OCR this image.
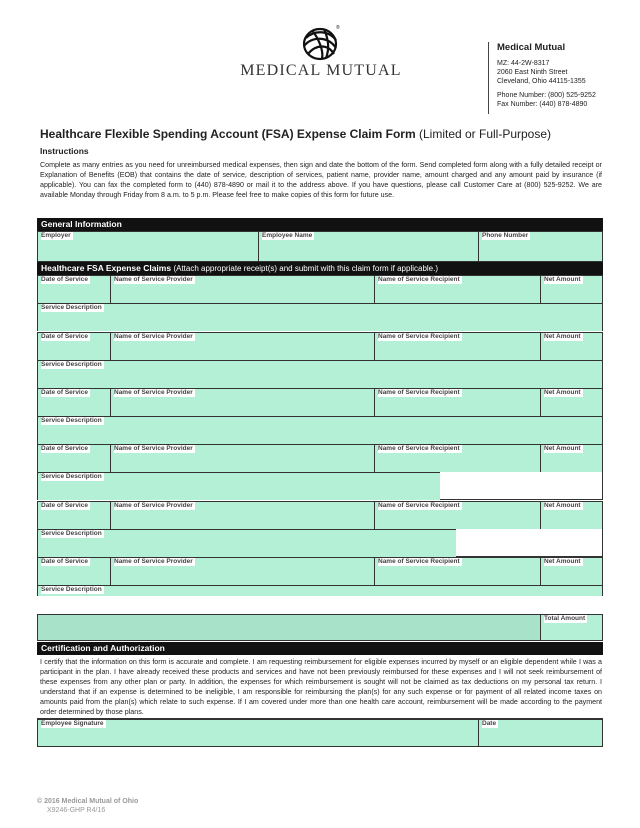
®
MEDICAL MUTUAL
Medical Mutual
MZ: 44-2W-8317
2060 East Ninth Street
Cleveland, Ohio 44115-1355
Phone Number: (800) 525-9252
Fax Number: (440) 878-4890
Healthcare Flexible Spending Account (FSA) Expense Claim Form (Limited or Full-Purpose)
Instructions
Complete as many entries as you need for unreimbursed medical expenses, then sign and date the bottom of the form. Send completed form along with a fully detailed receipt or Explanation of Benefits (EOB) that contains the date of service, description of services, patient name, provider name, amount charged and any amount paid by insurance (if applicable). You can fax the completed form to (440) 878-4890 or mail it to the address above. If you have questions, please call Customer Care at (800) 525-9252. We are available Monday through Friday from 8 a.m. to 5 p.m. Please feel free to make copies of this form for future use.
General Information
Employer	Employee Name	Phone Number
Healthcare FSA Expense Claims (Attach appropriate receipt(s) and submit with this claim form if applicable.)
Date of Service	Name of Service Provider	Name of Service Recipient	Net Amount
Service Description
Date of Service	Name of Service Provider	Name of Service Recipient	Net Amount
Service Description
Date of Service	Name of Service Provider	Name of Service Recipient	Net Amount
Service Description
Date of Service	Name of Service Provider	Name of Service Recipient	Net Amount
Service Description
Date of Service	Name of Service Provider	Name of Service Recipient	Net Amount
Service Description
Date of Service	Name of Service Provider	Name of Service Recipient	Net Amount
Service Description
Total Amount
Certification and Authorization
I certify that the information on this form is accurate and complete. I am requesting reimbursement for eligible expenses incurred by myself or an eligible dependent while I was a participant in the plan. I have already received these products and services and have not been previously reimbursed for these expenses and I will not seek reimbursement of these expenses from any other plan or party. In addition, the expenses for which reimbursement is sought will not be claimed as tax deductions on my personal tax return. I understand that if an expense is determined to be ineligible, I am responsible for reimbursing the plan(s) for any such expense or for payment of all related income taxes on amounts paid from the plan(s) which relate to such expense. If I am covered under more than one health care account, reimbursement will be made according to the payment order determined by those plans.
Employee Signature	Date
© 2016 Medical Mutual of Ohio
X9246-GHP R4/16
